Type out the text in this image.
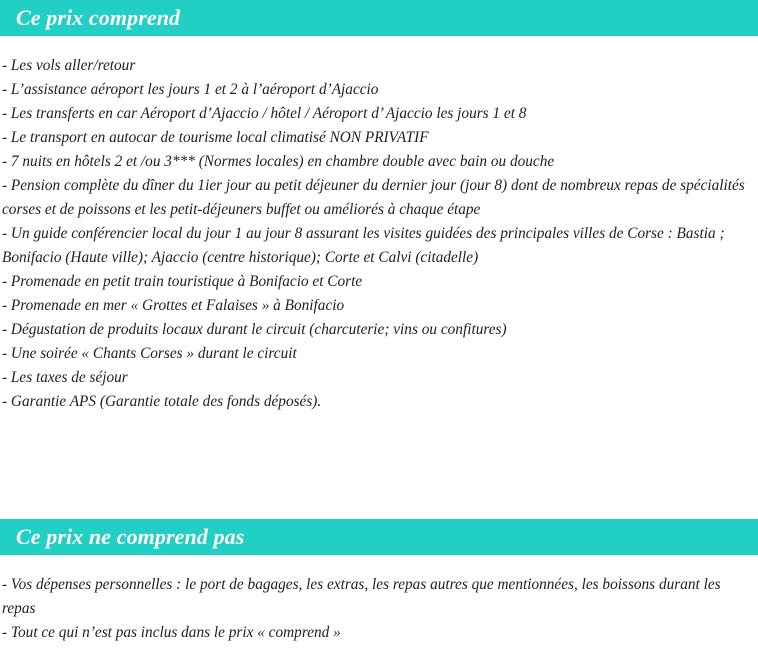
Ce prix comprend
- Les vols aller/retour
- L’assistance aéroport les jours 1 et 2 à l’aéroport d’Ajaccio
- Les transferts en car Aéroport d’Ajaccio / hôtel / Aéroport d’ Ajaccio les jours 1 et 8
- Le transport en autocar de tourisme local climatisé NON PRIVATIF
- 7 nuits en hôtels 2 et /ou 3*** (Normes locales) en chambre double avec bain ou douche
- Pension complète du dîner du 1ier jour au petit déjeuner du dernier jour (jour 8) dont de nombreux repas de spécialités corses et de poissons et les petit-déjeuners buffet ou améliorés à chaque étape
- Un guide conférencier local du jour 1 au jour 8 assurant les visites guidées des principales villes de Corse : Bastia ; Bonifacio (Haute ville); Ajaccio (centre historique); Corte et Calvi (citadelle)
- Promenade en petit train touristique à Bonifacio et Corte
- Promenade en mer « Grottes et Falaises » à Bonifacio
- Dégustation de produits locaux durant le circuit (charcuterie; vins ou confitures)
- Une soirée « Chants Corses » durant le circuit
- Les taxes de séjour
- Garantie APS (Garantie totale des fonds déposés).
Ce prix ne comprend pas
- Vos dépenses personnelles : le port de bagages, les extras, les repas autres que mentionnées, les boissons durant les repas
- Tout ce qui n’est pas inclus dans le prix « comprend »
